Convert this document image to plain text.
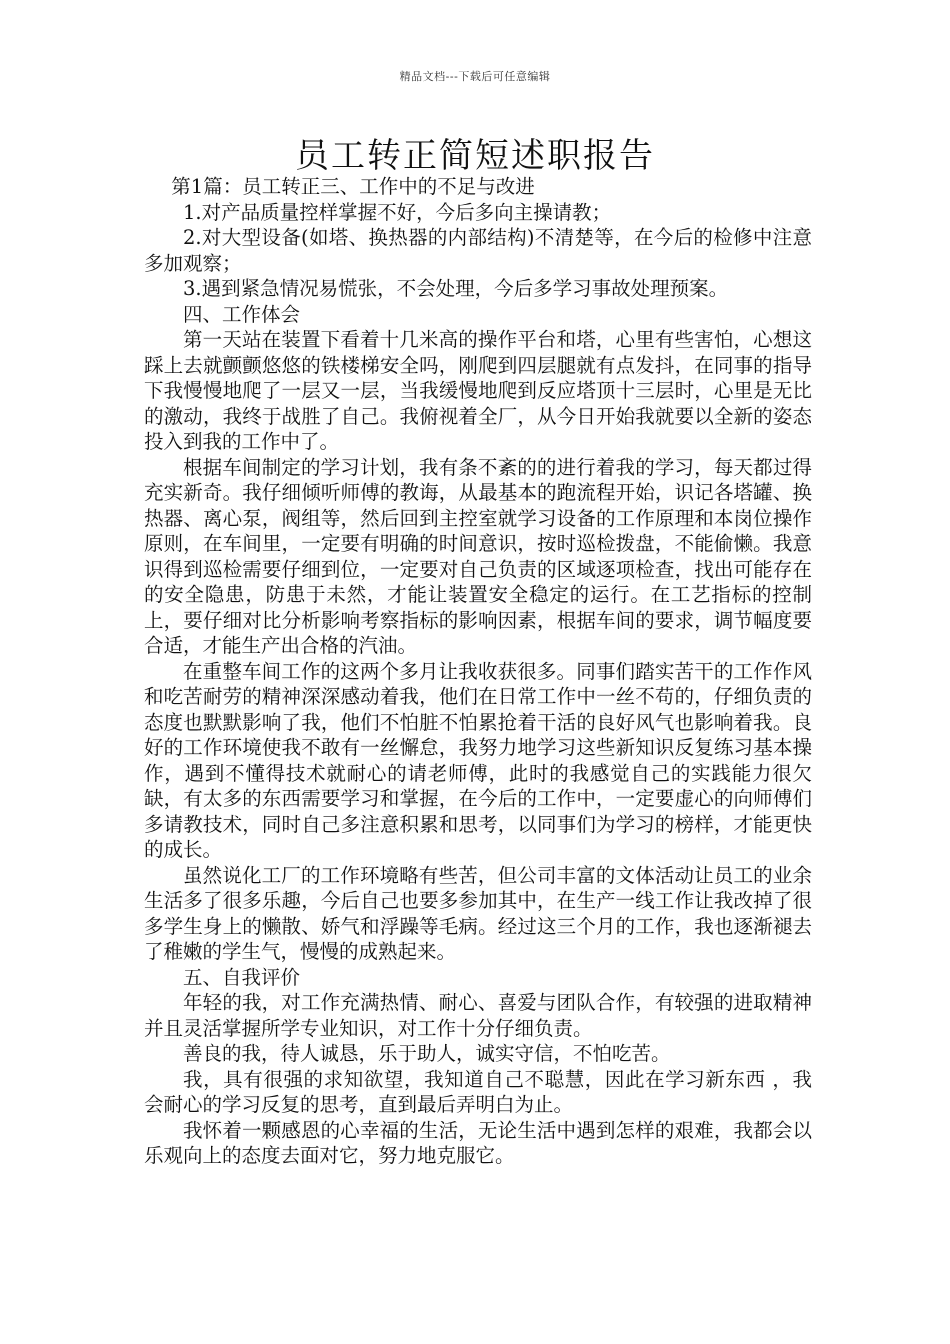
精品文档---下载后可任意编辑
员工转正简短述职报告

第1篇：员工转正三、工作中的不足与改进

1.对产品质量控样掌握不好，今后多向主操请教；

2.对大型设备(如塔、换热器的内部结构)不清楚等，在今后的检修中注意多加观察；

3.遇到紧急情况易慌张，不会处理，今后多学习事故处理预案。

四、工作体会

第一天站在装置下看着十几米高的操作平台和塔，心里有些害怕，心想这踩上去就颤颤悠悠的铁楼梯安全吗，刚爬到四层腿就有点发抖，在同事的指导下我慢慢地爬了一层又一层，当我缓慢地爬到反应塔顶十三层时，心里是无比的激动，我终于战胜了自己。我俯视着全厂，从今日开始我就要以全新的姿态投入到我的工作中了。

根据车间制定的学习计划，我有条不紊的的进行着我的学习，每天都过得充实新奇。我仔细倾听师傅的教诲，从最基本的跑流程开始，识记各塔罐、换热器、离心泵，阀组等，然后回到主控室就学习设备的工作原理和本岗位操作原则，在车间里，一定要有明确的时间意识，按时巡检拨盘，不能偷懒。我意识得到巡检需要仔细到位，一定要对自己负责的区域逐项检查，找出可能存在的安全隐患，防患于未然，才能让装置安全稳定的运行。在工艺指标的控制上，要仔细对比分析影响考察指标的影响因素，根据车间的要求，调节幅度要合适，才能生产出合格的汽油。

在重整车间工作的这两个多月让我收获很多。同事们踏实苦干的工作作风和吃苦耐劳的精神深深感动着我，他们在日常工作中一丝不苟的，仔细负责的态度也默默影响了我，他们不怕脏不怕累抢着干活的良好风气也影响着我。良好的工作环境使我不敢有一丝懈怠，我努力地学习这些新知识反复练习基本操作，遇到不懂得技术就耐心的请老师傅，此时的我感觉自己的实践能力很欠缺，有太多的东西需要学习和掌握，在今后的工作中，一定要虚心的向师傅们多请教技术，同时自己多注意积累和思考，以同事们为学习的榜样，才能更快的成长。

虽然说化工厂的工作环境略有些苦，但公司丰富的文体活动让员工的业余生活多了很多乐趣，今后自己也要多参加其中，在生产一线工作让我改掉了很多学生身上的懒散、娇气和浮躁等毛病。经过这三个月的工作，我也逐渐褪去了稚嫩的学生气，慢慢的成熟起来。

五、自我评价

年轻的我，对工作充满热情、耐心、喜爱与团队合作，有较强的进取精神 并且灵活掌握所学专业知识，对工作十分仔细负责。

善良的我，待人诚恳，乐于助人，诚实守信，不怕吃苦。

我，具有很强的求知欲望，我知道自己不聪慧，因此在学习新东西 ，我会耐心的学习反复的思考，直到最后弄明白为止。

我怀着一颗感恩的心幸福的生活，无论生活中遇到怎样的艰难，我都会以乐观向上的态度去面对它，努力地克服它。
